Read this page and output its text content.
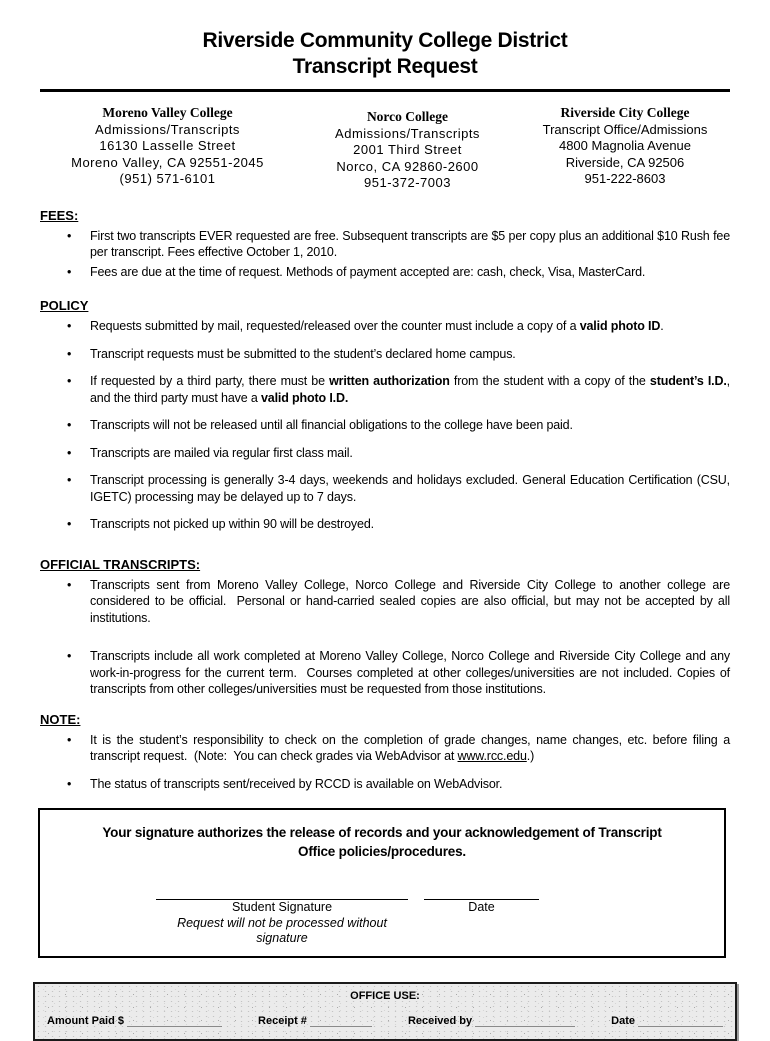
Riverside Community College District
Transcript Request
Moreno Valley College
Admissions/Transcripts
16130 Lasselle Street
Moreno Valley, CA 92551-2045
(951) 571-6101
Norco College
Admissions/Transcripts
2001 Third Street
Norco, CA 92860-2600
951-372-7003
Riverside City College
Transcript Office/Admissions
4800 Magnolia Avenue
Riverside, CA 92506
951-222-8603
FEES:
• First two transcripts EVER requested are free. Subsequent transcripts are $5 per copy plus an additional $10 Rush fee per transcript. Fees effective October 1, 2010.
• Fees are due at the time of request. Methods of payment accepted are: cash, check, Visa, MasterCard.
POLICY
• Requests submitted by mail, requested/released over the counter must include a copy of a valid photo ID.
• Transcript requests must be submitted to the student’s declared home campus.
• If requested by a third party, there must be written authorization from the student with a copy of the student’s I.D., and the third party must have a valid photo I.D.
• Transcripts will not be released until all financial obligations to the college have been paid.
• Transcripts are mailed via regular first class mail.
• Transcript processing is generally 3-4 days, weekends and holidays excluded. General Education Certification (CSU, IGETC) processing may be delayed up to 7 days.
• Transcripts not picked up within 90 will be destroyed.
OFFICIAL TRANSCRIPTS:
• Transcripts sent from Moreno Valley College, Norco College and Riverside City College to another college are considered to be official.  Personal or hand-carried sealed copies are also official, but may not be accepted by all institutions.
• Transcripts include all work completed at Moreno Valley College, Norco College and Riverside City College and any work-in-progress for the current term.  Courses completed at other colleges/universities are not included. Copies of transcripts from other colleges/universities must be requested from those institutions.
NOTE:
• It is the student’s responsibility to check on the completion of grade changes, name changes, etc. before filing a transcript request.  (Note:  You can check grades via WebAdvisor at www.rcc.edu.)
• The status of transcripts sent/received by RCCD is available on WebAdvisor.
Your signature authorizes the release of records and your acknowledgement of Transcript Office policies/procedures.
Student Signature
Request will not be processed without signature
Date
OFFICE USE:
Amount Paid $	Receipt #	Received by	Date
